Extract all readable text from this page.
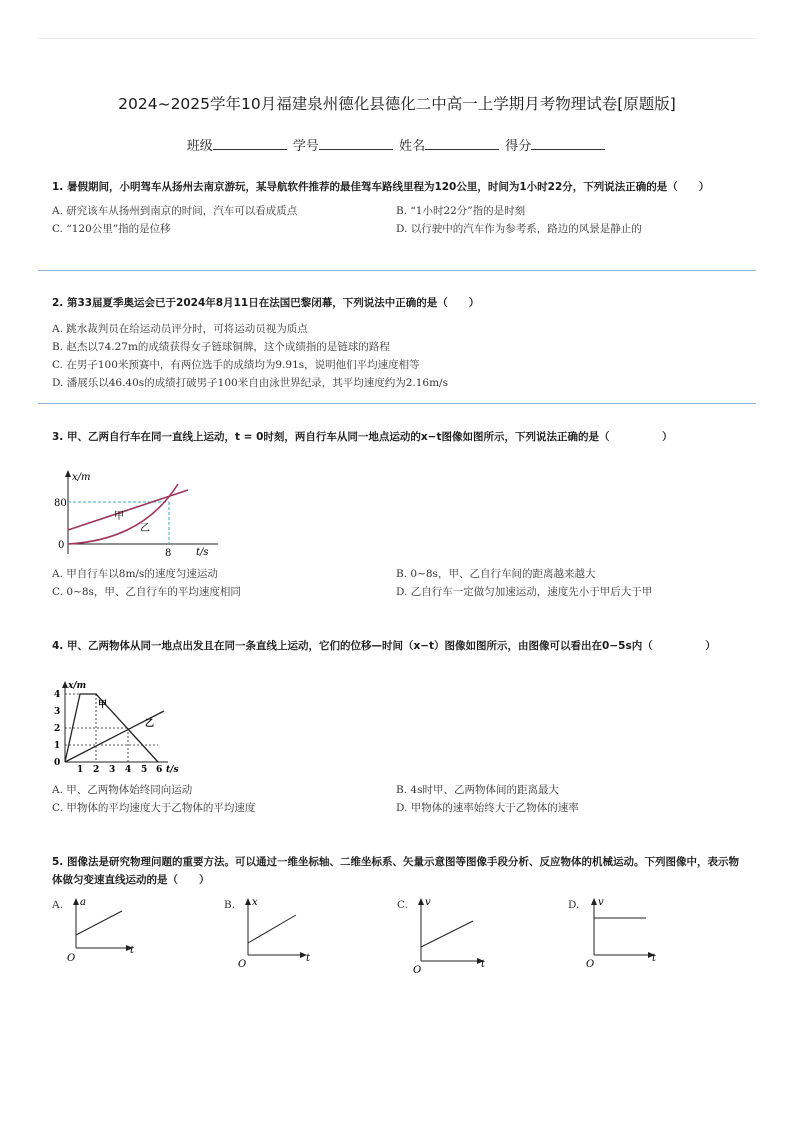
2024~2025学年10月福建泉州德化县德化二中高一上学期月考物理试卷[原题版]
班级	学号	姓名	得分
1. 暑假期间，小明驾车从扬州去南京游玩，某导航软件推荐的最佳驾车路线里程为120公里，时间为1小时22分，下列说法正确的是（　　）
A. 研究该车从扬州到南京的时间，汽车可以看成质点	B. “1小时22分”指的是时刻
C. “120公里”指的是位移	D. 以行驶中的汽车作为参考系，路边的风景是静止的
2. 第33届夏季奥运会已于2024年8月11日在法国巴黎闭幕，下列说法中正确的是（　　）
A. 跳水裁判员在给运动员评分时，可将运动员视为质点
B. 赵杰以74.27m的成绩获得女子链球铜牌，这个成绩指的是链球的路程
C. 在男子100米预赛中，有两位选手的成绩均为9.91s，说明他们平均速度相等
D. 潘展乐以46.40s的成绩打破男子100米自由泳世界纪录，其平均速度约为2.16m/s
3. 甲、乙两自行车在同一直线上运动，t = 0时刻，两自行车从同一地点运动的x−t图像如图所示，下列说法正确的是（　　　　　）
x/m
80
0
8 t/s
甲
乙
A. 甲自行车以8m/s的速度匀速运动	B. 0~8s，甲、乙自行车间的距离越来越大
C. 0~8s，甲、乙自行车的平均速度相同	D. 乙自行车一定做匀加速运动，速度先小于甲后大于甲
4. 甲、乙两物体从同一地点出发且在同一条直线上运动，它们的位移—时间（x−t）图像如图所示，由图像可以看出在0−5s内（　　　　　）
x/m
4
3
2
1
0
1 2 3 4 5 6 t/s
甲
乙
A. 甲、乙两物体始终同向运动	B. 4s时甲、乙两物体间的距离最大
C. 甲物体的平均速度大于乙物体的平均速度	D. 甲物体的速率始终大于乙物体的速率
5. 图像法是研究物理问题的重要方法。可以通过一维坐标轴、二维坐标系、矢量示意图等图像手段分析、反应物体的机械运动。下列图像中，表示物体做匀变速直线运动的是（　　）
A. a
t
O
B. x
t
O
C. v
t
O
D. v
t
O
